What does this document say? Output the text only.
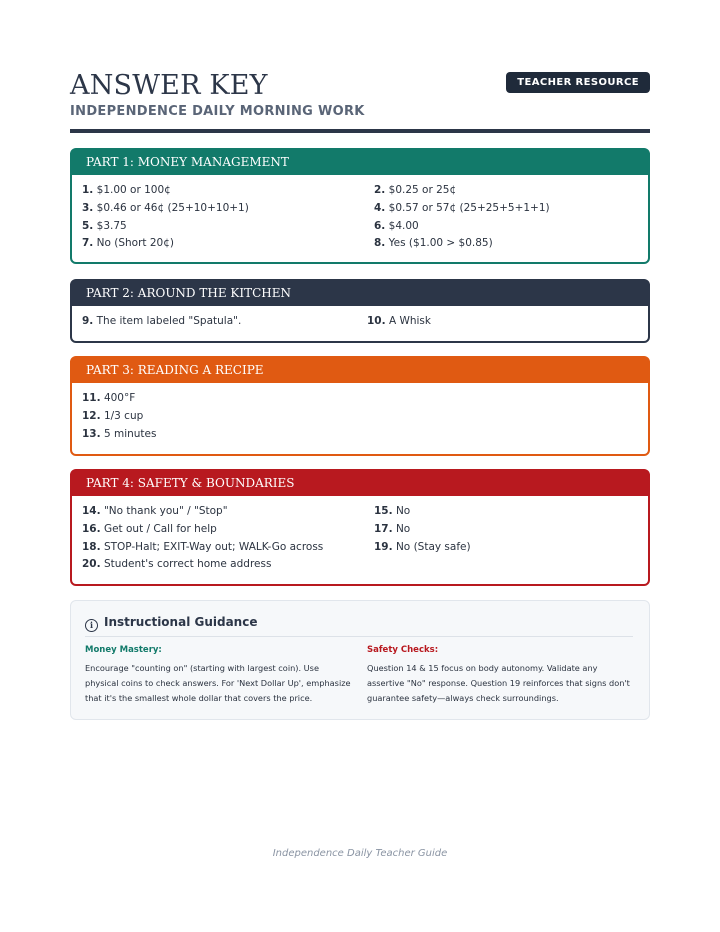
ANSWER KEY
INDEPENDENCE DAILY MORNING WORK
TEACHER RESOURCE
PART 1: MONEY MANAGEMENT
1. $1.00 or 100¢
3. $0.46 or 46¢ (25+10+10+1)
5. $3.75
7. No (Short 20¢)
2. $0.25 or 25¢
4. $0.57 or 57¢ (25+25+5+1+1)
6. $4.00
8. Yes ($1.00 > $0.85)
PART 2: AROUND THE KITCHEN
9. The item labeled "Spatula".	10. A Whisk
PART 3: READING A RECIPE
11. 400°F
12. 1/3 cup
13. 5 minutes
PART 4: SAFETY & BOUNDARIES
14. "No thank you" / "Stop"
16. Get out / Call for help
18. STOP-Halt; EXIT-Way out; WALK-Go across
20. Student's correct home address
15. No
17. No
19. No (Stay safe)
i Instructional Guidance
Money Mastery:
Encourage "counting on" (starting with largest coin). Use physical coins to check answers. For 'Next Dollar Up', emphasize that it's the smallest whole dollar that covers the price.
Safety Checks:
Question 14 & 15 focus on body autonomy. Validate any assertive "No" response. Question 19 reinforces that signs don't guarantee safety—always check surroundings.
Independence Daily Teacher Guide
